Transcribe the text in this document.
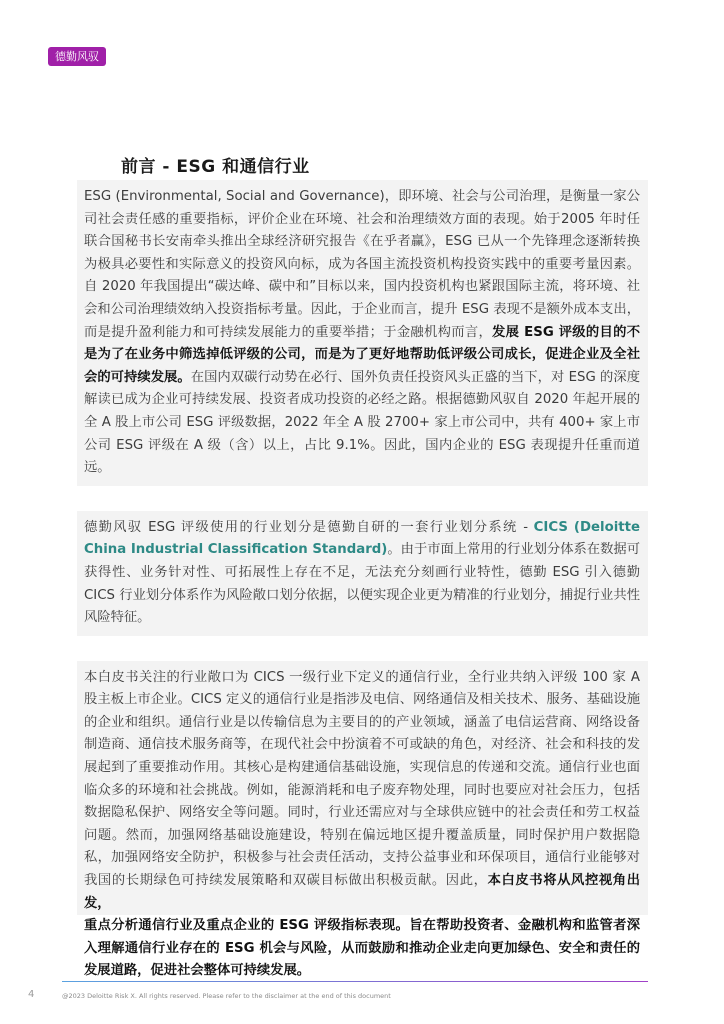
德勤风驭
前言 - ESG 和通信行业
ESG (Environmental, Social and Governance)，即环境、社会与公司治理，是衡量一家公司社会责任感的重要指标，评价企业在环境、社会和治理绩效方面的表现。始于2005 年时任联合国秘书长安南牵头推出全球经济研究报告《在乎者赢》，ESG 已从一个先锋理念逐渐转换为极具必要性和实际意义的投资风向标，成为各国主流投资机构投资实践中的重要考量因素。自 2020 年我国提出“碳达峰、碳中和”目标以来，国内投资机构也紧跟国际主流，将环境、社会和公司治理绩效纳入投资指标考量。因此，于企业而言，提升 ESG 表现不是额外成本支出，而是提升盈利能力和可持续发展能力的重要举措；于金融机构而言，发展 ESG 评级的目的不是为了在业务中筛选掉低评级的公司，而是为了更好地帮助低评级公司成长，促进企业及全社会的可持续发展。在国内双碳行动势在必行、国外负责任投资风头正盛的当下，对 ESG 的深度解读已成为企业可持续发展、投资者成功投资的必经之路。根据德勤风驭自 2020 年起开展的全 A 股上市公司 ESG 评级数据，2022 年全 A 股 2700+ 家上市公司中，共有 400+ 家上市公司 ESG 评级在 A 级（含）以上，占比 9.1%。因此，国内企业的 ESG 表现提升任重而道远。
德勤风驭 ESG 评级使用的行业划分是德勤自研的一套行业划分系统 - CICS (Deloitte China Industrial Classification Standard)。由于市面上常用的行业划分体系在数据可获得性、业务针对性、可拓展性上存在不足，无法充分刻画行业特性，德勤 ESG 引入德勤 CICS 行业划分体系作为风险敞口划分依据，以便实现企业更为精准的行业划分，捕捉行业共性风险特征。
本白皮书关注的行业敞口为 CICS 一级行业下定义的通信行业，全行业共纳入评级 100 家 A 股主板上市企业。CICS 定义的通信行业是指涉及电信、网络通信及相关技术、服务、基础设施的企业和组织。通信行业是以传输信息为主要目的的产业领域，涵盖了电信运营商、网络设备制造商、通信技术服务商等，在现代社会中扮演着不可或缺的角色，对经济、社会和科技的发展起到了重要推动作用。其核心是构建通信基础设施，实现信息的传递和交流。通信行业也面临众多的环境和社会挑战。例如，能源消耗和电子废弃物处理，同时也要应对社会压力，包括数据隐私保护、网络安全等问题。同时，行业还需应对与全球供应链中的社会责任和劳工权益问题。然而，加强网络基础设施建设，特别在偏远地区提升覆盖质量，同时保护用户数据隐私，加强网络安全防护，积极参与社会责任活动，支持公益事业和环保项目，通信行业能够对我国的长期绿色可持续发展策略和双碳目标做出积极贡献。因此，本白皮书将从风控视角出发，
重点分析通信行业及重点企业的 ESG 评级指标表现。旨在帮助投资者、金融机构和监管者深入理解通信行业存在的 ESG 机会与风险，从而鼓励和推动企业走向更加绿色、安全和责任的发展道路，促进社会整体可持续发展。
4	@2023 Deloitte Risk X. All rights reserved. Please refer to the disclaimer at the end of this document
